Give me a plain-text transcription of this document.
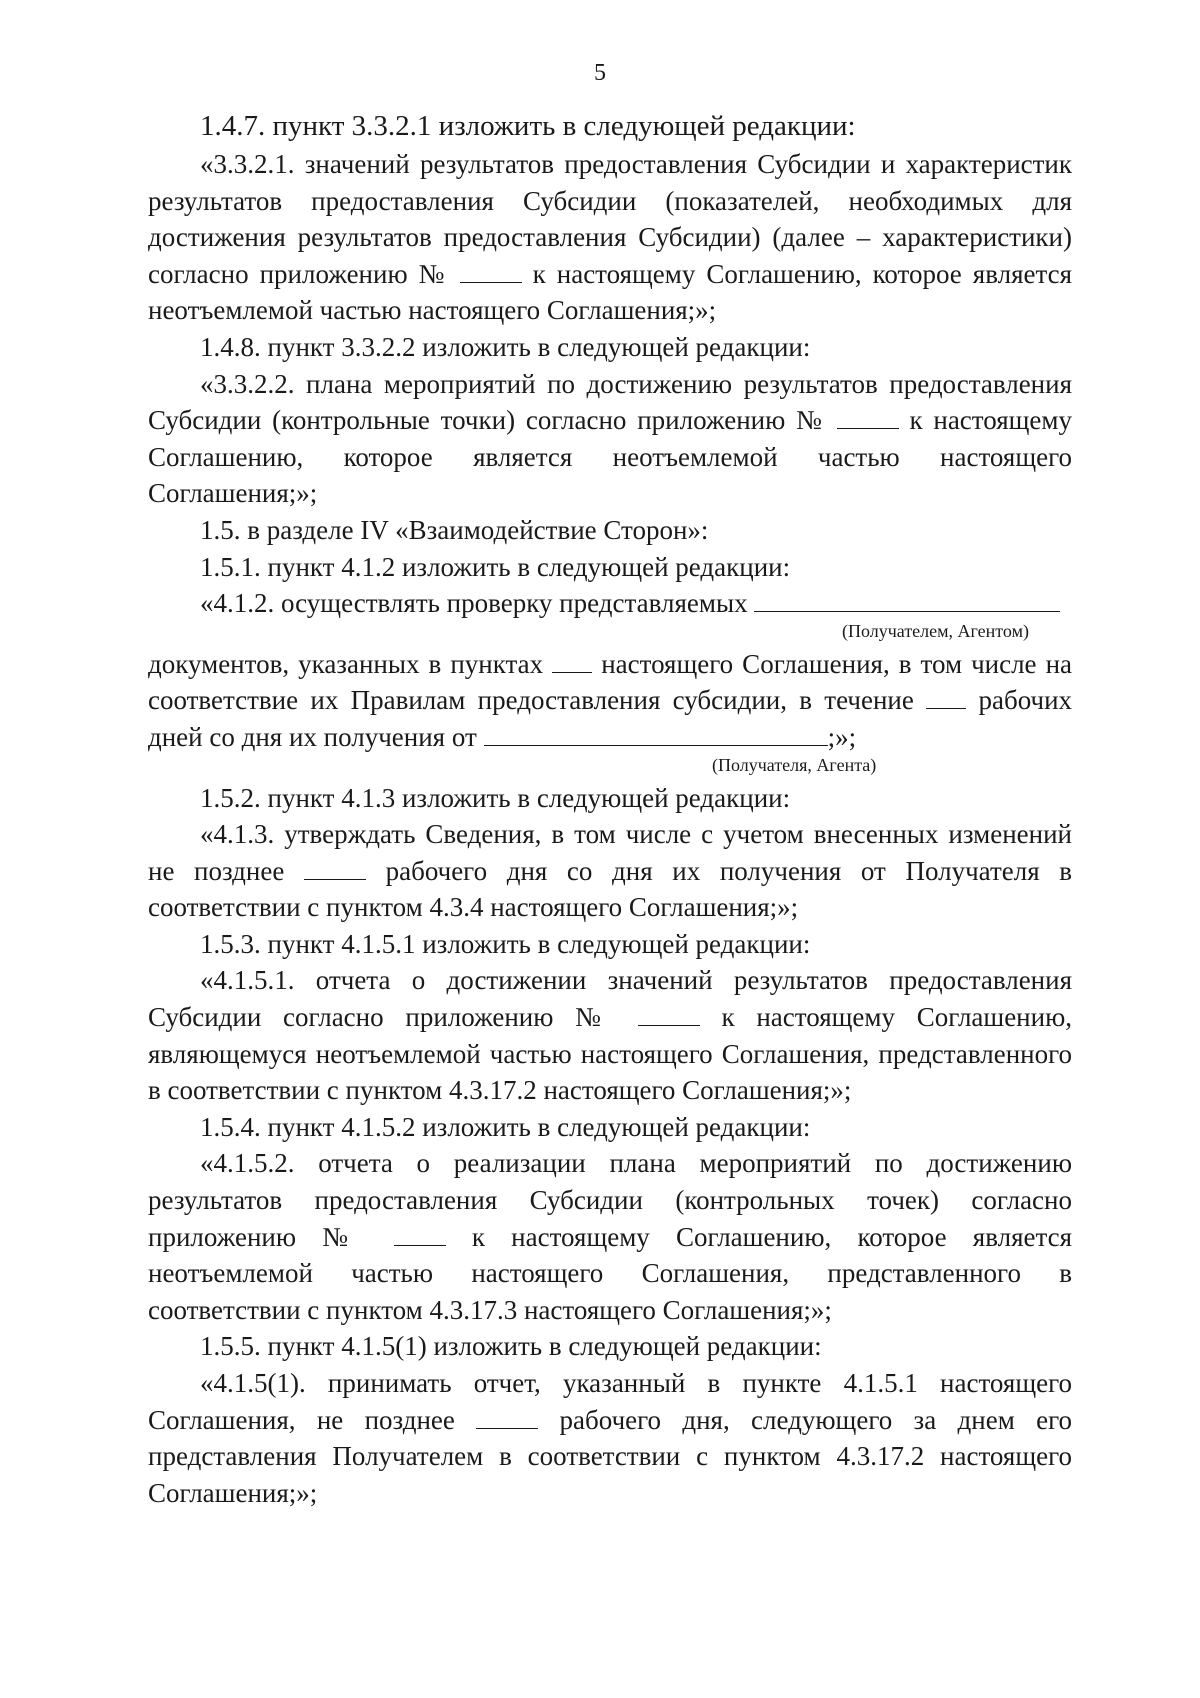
5

1.4.7. пункт 3.3.2.1 изложить в следующей редакции:

«3.3.2.1. значений результатов предоставления Субсидии и характеристик результатов предоставления Субсидии (показателей, необходимых для достижения результатов предоставления Субсидии) (далее – характеристики) согласно приложению №	к настоящему Соглашению, которое является неотъемлемой частью настоящего Соглашения;»;

1.4.8. пункт 3.3.2.2 изложить в следующей редакции:

«3.3.2.2. плана мероприятий по достижению результатов предоставления Субсидии (контрольные точки) согласно приложению №	к настоящему Соглашению, которое является неотъемлемой частью настоящего Соглашения;»;

1.5. в разделе IV «Взаимодействие Сторон»:

1.5.1. пункт 4.1.2 изложить в следующей редакции:

«4.1.2. осуществлять проверку представляемых

(Получателем, Агентом)

документов, указанных в пунктах настоящего Соглашения, в том числе на соответствие их Правилам предоставления субсидии, в течение рабочих дней со дня их получения от	;»;

(Получателя, Агента)

1.5.2. пункт 4.1.3 изложить в следующей редакции:

«4.1.3. утверждать Сведения, в том числе с учетом внесенных изменений не позднее	рабочего дня со дня их получения от Получателя в соответствии с пунктом 4.3.4 настоящего Соглашения;»;

1.5.3. пункт 4.1.5.1 изложить в следующей редакции:

«4.1.5.1. отчета о достижении значений результатов предоставления Субсидии согласно приложению №	к настоящему Соглашению, являющемуся неотъемлемой частью настоящего Соглашения, представленного в соответствии с пунктом 4.3.17.2 настоящего Соглашения;»;

1.5.4. пункт 4.1.5.2 изложить в следующей редакции:

«4.1.5.2. отчета о реализации плана мероприятий по достижению результатов предоставления Субсидии (контрольных точек) согласно приложению №	к настоящему Соглашению, которое является неотъемлемой частью настоящего Соглашения, представленного в соответствии с пунктом 4.3.17.3 настоящего Соглашения;»;

1.5.5. пункт 4.1.5(1) изложить в следующей редакции:

«4.1.5(1). принимать отчет, указанный в пункте 4.1.5.1 настоящего Соглашения, не позднее	рабочего дня, следующего за днем его представления Получателем в соответствии с пунктом 4.3.17.2 настоящего Соглашения;»;
